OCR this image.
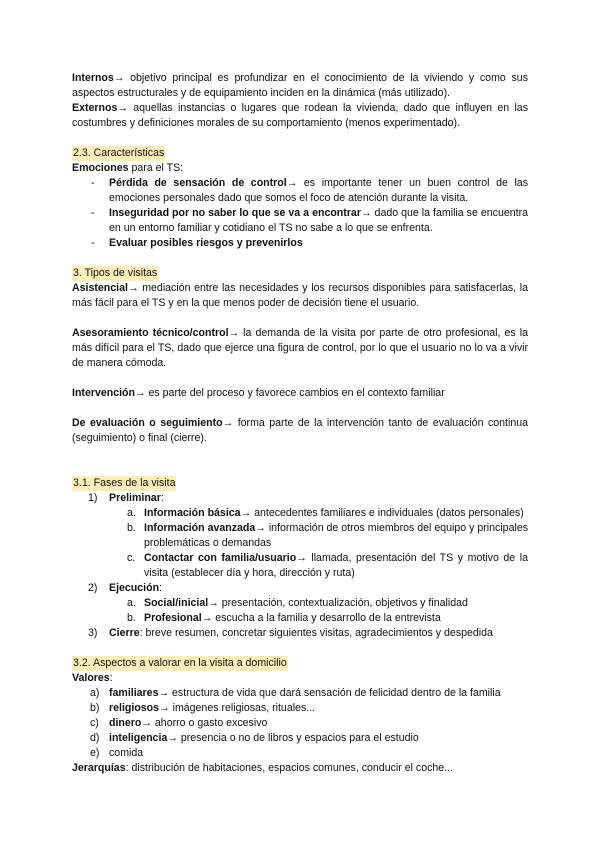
Internos→ objetivo principal es profundizar en el conocimiento de la viviendo y como sus aspectos estructurales y de equipamiento inciden en la dinámica (más utilizado).

Externos→ aquellas instancias o lugares que rodean la vivienda, dado que influyen en las costumbres y definiciones morales de su comportamiento (menos experimentado).

2.3. Características

Emociones para el TS:

- Pérdida de sensación de control→ es importante tener un buen control de las emociones personales dado que somos el foco de atención durante la visita.

- Inseguridad por no saber lo que se va a encontrar→ dado que la familia se encuentra en un entorno familiar y cotidiano el TS no sabe a lo que se enfrenta.

- Evaluar posibles riesgos y prevenirlos

3. Tipos de visitas

Asistencial→ mediación entre las necesidades y los recursos disponibles para satisfacerlas, la más fácil para el TS y en la que menos poder de decisión tiene el usuario.

Asesoramiento técnico/control→ la demanda de la visita por parte de otro profesional, es la más difícil para el TS, dado que ejerce una figura de control, por lo que el usuario no lo va a vivir de manera cómoda.

Intervención→ es parte del proceso y favorece cambios en el contexto familiar

De evaluación o seguimiento→ forma parte de la intervención tanto de evaluación continua (seguimiento) o final (cierre).

3.1. Fases de la visita

1) Preliminar:

a. Información básica→ antecedentes familiares e individuales (datos personales)

b. Información avanzada→ información de otros miembros del equipo y principales problemáticas o demandas

c. Contactar con familia/usuario→ llamada, presentación del TS y motivo de la visita (establecer día y hora, dirección y ruta)

2) Ejecución:

a. Social/inicial→ presentación, contextualización, objetivos y finalidad

b. Profesional→ escucha a la familia y desarrollo de la entrevista

3) Cierre: breve resumen, concretar siguientes visitas, agradecimientos y despedida

3.2. Aspectos a valorar en la visita a domicilio

Valores:

a) familiares→ estructura de vida que dará sensación de felicidad dentro de la familia

b) religiosos→ imágenes religiosas, rituales...

c) dinero→ ahorro o gasto excesivo

d) inteligencia→ presencia o no de libros y espacios para el estudio

e) comida

Jerarquías: distribución de habitaciones, espacios comunes, conducir el coche...
